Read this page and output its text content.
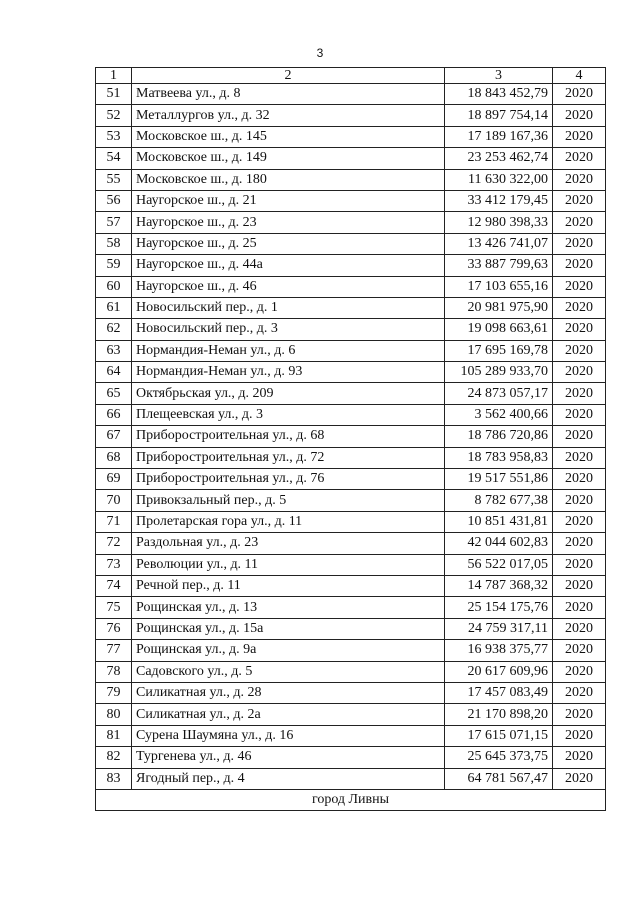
3
1	2	3	4
51	Матвеева ул., д. 8	18 843 452,79	2020
52	Металлургов ул., д. 32	18 897 754,14	2020
53	Московское ш., д. 145	17 189 167,36	2020
54	Московское ш., д. 149	23 253 462,74	2020
55	Московское ш., д. 180	11 630 322,00	2020
56	Наугорское ш., д. 21	33 412 179,45	2020
57	Наугорское ш., д. 23	12 980 398,33	2020
58	Наугорское ш., д. 25	13 426 741,07	2020
59	Наугорское ш., д. 44а	33 887 799,63	2020
60	Наугорское ш., д. 46	17 103 655,16	2020
61	Новосильский пер., д. 1	20 981 975,90	2020
62	Новосильский пер., д. 3	19 098 663,61	2020
63	Нормандия-Неман ул., д. 6	17 695 169,78	2020
64	Нормандия-Неман ул., д. 93	105 289 933,70	2020
65	Октябрьская ул., д. 209	24 873 057,17	2020
66	Плещеевская ул., д. 3	3 562 400,66	2020
67	Приборостроительная ул., д. 68	18 786 720,86	2020
68	Приборостроительная ул., д. 72	18 783 958,83	2020
69	Приборостроительная ул., д. 76	19 517 551,86	2020
70	Привокзальный пер., д. 5	8 782 677,38	2020
71	Пролетарская гора ул., д. 11	10 851 431,81	2020
72	Раздольная ул., д. 23	42 044 602,83	2020
73	Революции ул., д. 11	56 522 017,05	2020
74	Речной пер., д. 11	14 787 368,32	2020
75	Рощинская ул., д. 13	25 154 175,76	2020
76	Рощинская ул., д. 15а	24 759 317,11	2020
77	Рощинская ул., д. 9а	16 938 375,77	2020
78	Садовского ул., д. 5	20 617 609,96	2020
79	Силикатная ул., д. 28	17 457 083,49	2020
80	Силикатная ул., д. 2а	21 170 898,20	2020
81	Сурена Шаумяна ул., д. 16	17 615 071,15	2020
82	Тургенева ул., д. 46	25 645 373,75	2020
83	Ягодный пер., д. 4	64 781 567,47	2020
город Ливны			
